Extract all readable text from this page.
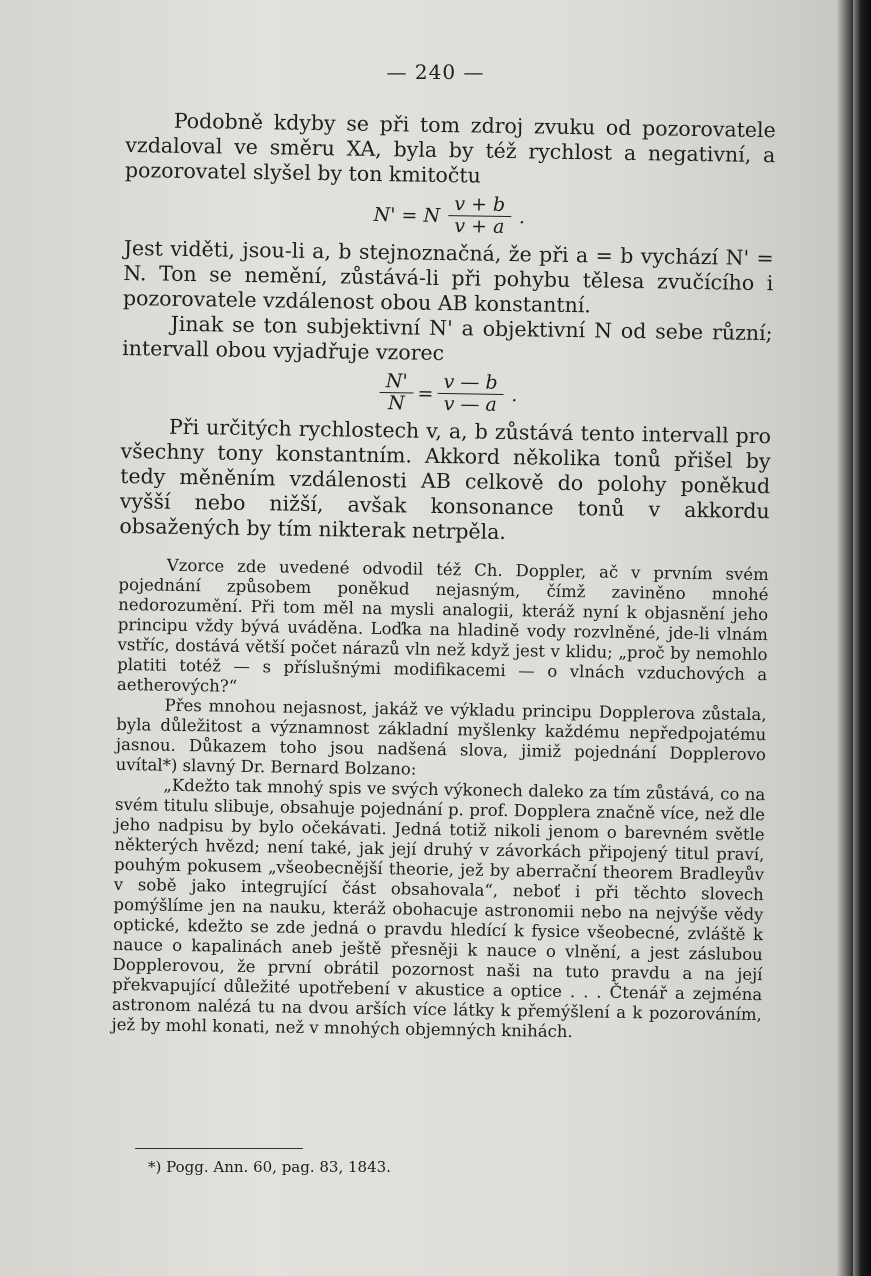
— 240 —

Podobně kdyby se při tom zdroj zvuku od pozorovatele vzdaloval ve směru XA, byla by též rychlost a negativní, a pozorovatel slyšel by ton kmitočtu

N' = N $\frac{v + b}{v + a}$ .

Jest viděti, jsou-li a, b stejnoznačná, že při a = b vychází N' = N. Ton se nemění, zůstává-li při pohybu tělesa zvučícího i pozorovatele vzdálenost obou AB konstantní.

Jinak se ton subjektivní N' a objektivní N od sebe různí; intervall obou vyjadřuje vzorec

$\frac{N'}{N} = \frac{v — b}{v — a}$ .

Při určitých rychlostech v, a, b zůstává tento intervall pro všechny tony konstantním. Akkord několika tonů přišel by tedy měněním vzdálenosti AB celkově do polohy poněkud vyšší nebo nižší, avšak konsonance tonů v akkordu obsažených by tím nikterak netrpěla.

Vzorce zde uvedené odvodil též Ch. Doppler, ač v prvním svém pojednání způsobem poněkud nejasným, čímž zaviněno mnohé nedorozumění. Při tom měl na mysli analogii, kteráž nyní k objasnění jeho principu vždy bývá uváděna. Loďka na hladině vody rozvlněné, jde-li vlnám vstříc, dostává větší počet nárazů vln než když jest v klidu; „proč by nemohlo platiti totéž — s příslušnými modifikacemi — o vlnách vzduchových a aetherových?“

Přes mnohou nejasnost, jakáž ve výkladu principu Dopplerova zůstala, byla důležitost a významnost základní myšlenky každému nepředpojatému jasnou. Důkazem toho jsou nadšená slova, jimiž pojednání Dopplerovo uvítal*) slavný Dr. Bernard Bolzano:

„Kdežto tak mnohý spis ve svých výkonech daleko za tím zůstává, co na svém titulu slibuje, obsahuje pojednání p. prof. Dopplera značně více, než dle jeho nadpisu by bylo očekávati. Jedná totiž nikoli jenom o barevném světle některých hvězd; není také, jak její druhý v závorkách připojený titul praví, pouhým pokusem „všeobecnější theorie, jež by aberrační theorem Bradleyův v sobě jako integrující část obsahovala“, neboť i při těchto slovech pomýšlíme jen na nauku, kteráž obohacuje astronomii nebo na nejvýše vědy optické, kdežto se zde jedná o pravdu hledící k fysice všeobecné, zvláště k nauce o kapalinách aneb ještě přesněji k nauce o vlnění, a jest záslubou Dopplerovou, že první obrátil pozornost naši na tuto pravdu a na její překvapující důležité upotřebení v akustice a optice . . . Čtenář a zejména astronom nalézá tu na dvou arších více látky k přemýšlení a k pozorováním, jež by mohl konati, než v mnohých objemných knihách.

*) Pogg. Ann. 60, pag. 83, 1843.
